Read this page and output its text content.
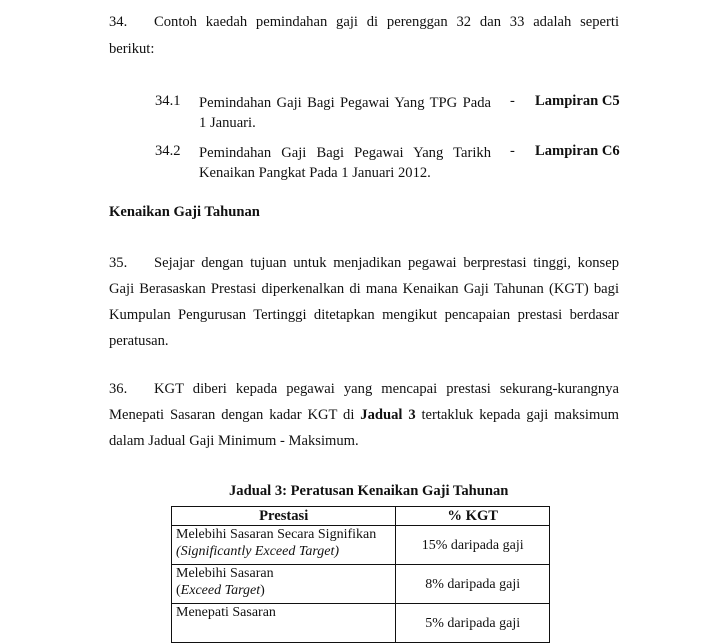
34. Contoh kaedah pemindahan gaji di perenggan 32 dan 33 adalah seperti
berikut:
34.1 Pemindahan Gaji Bagi Pegawai Yang TPG Pada
1 Januari.
- Lampiran C5
34.2 Pemindahan Gaji Bagi Pegawai Yang Tarikh
Kenaikan Pangkat Pada 1 Januari 2012.
- Lampiran C6
Kenaikan Gaji Tahunan
35. Sejajar dengan tujuan untuk menjadikan pegawai berprestasi tinggi, konsep
Gaji Berasaskan Prestasi diperkenalkan di mana Kenaikan Gaji Tahunan (KGT) bagi
Kumpulan Pengurusan Tertinggi ditetapkan mengikut pencapaian prestasi berdasar
peratusan.
36. KGT diberi kepada pegawai yang mencapai prestasi sekurang-kurangnya
Menepati Sasaran dengan kadar KGT di Jadual 3 tertakluk kepada gaji maksimum
dalam Jadual Gaji Minimum - Maksimum.
Jadual 3: Peratusan Kenaikan Gaji Tahunan
Prestasi	% KGT

Melebihi Sasaran Secara Signifikan
(Significantly Exceed Target)	15% daripada gaji

Melebihi Sasaran
(Exceed Target)	8% daripada gaji

Menepati Sasaran	5% daripada gaji
